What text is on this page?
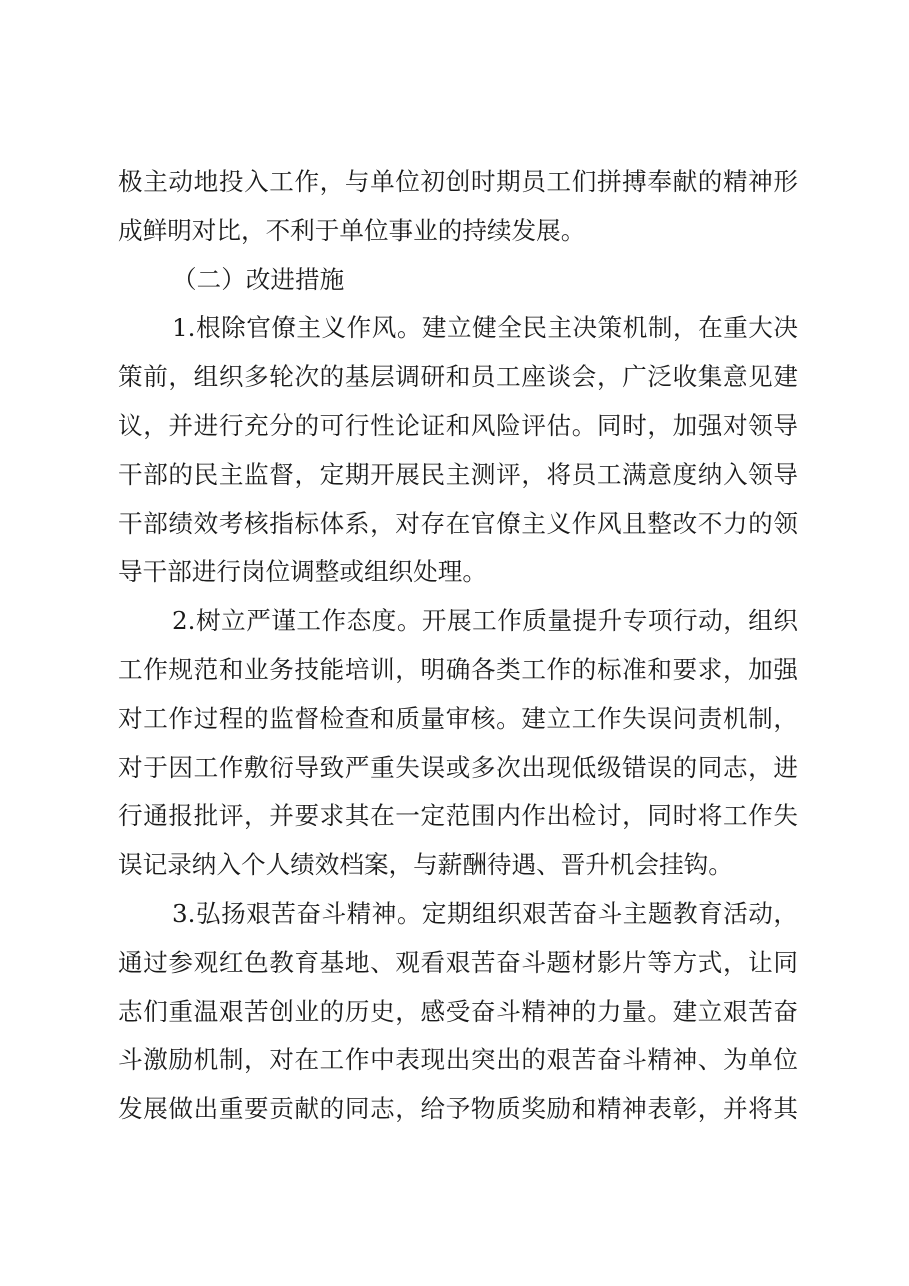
极主动地投入工作，与单位初创时期员工们拼搏奉献的精神形
成鲜明对比，不利于单位事业的持续发展。
（二）改进措施
1.根除官僚主义作风。建立健全民主决策机制，在重大决
策前，组织多轮次的基层调研和员工座谈会，广泛收集意见建
议，并进行充分的可行性论证和风险评估。同时，加强对领导
干部的民主监督，定期开展民主测评，将员工满意度纳入领导
干部绩效考核指标体系，对存在官僚主义作风且整改不力的领
导干部进行岗位调整或组织处理。
2.树立严谨工作态度。开展工作质量提升专项行动，组织
工作规范和业务技能培训，明确各类工作的标准和要求，加强
对工作过程的监督检查和质量审核。建立工作失误问责机制，
对于因工作敷衍导致严重失误或多次出现低级错误的同志，进
行通报批评，并要求其在一定范围内作出检讨，同时将工作失
误记录纳入个人绩效档案，与薪酬待遇、晋升机会挂钩。
3.弘扬艰苦奋斗精神。定期组织艰苦奋斗主题教育活动，
通过参观红色教育基地、观看艰苦奋斗题材影片等方式，让同
志们重温艰苦创业的历史，感受奋斗精神的力量。建立艰苦奋
斗激励机制，对在工作中表现出突出的艰苦奋斗精神、为单位
发展做出重要贡献的同志，给予物质奖励和精神表彰，并将其
